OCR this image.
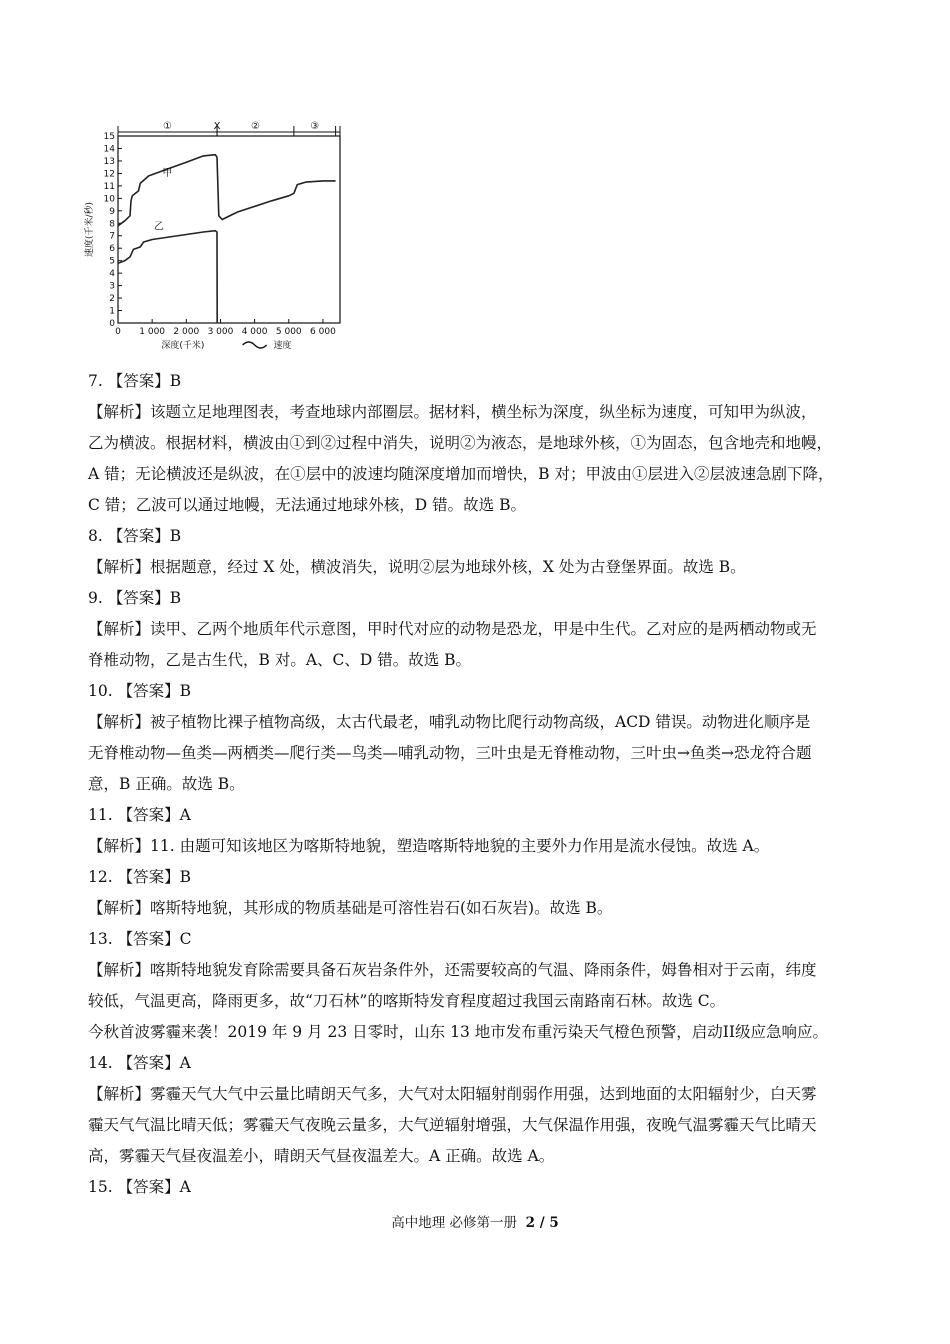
0
1
2
3
4
5
6
7
8
9
10
11
12
13
14
15
0 1 000 2 000 3 000 4 000 5 000 6 000
深度(千米)	速度
速度(千米/秒)
①	X	②	③
甲
乙
7. 【答案】B
【解析】该题立足地理图表，考查地球内部圈层。据材料，横坐标为深度，纵坐标为速度，可知甲为纵波，
乙为横波。根据材料，横波由①到②过程中消失，说明②为液态，是地球外核，①为固态，包含地壳和地幔，
A 错；无论横波还是纵波，在①层中的波速均随深度增加而增快，B 对；甲波由①层进入②层波速急剧下降，
C 错；乙波可以通过地幔，无法通过地球外核，D 错。故选 B。
8. 【答案】B
【解析】根据题意，经过 X 处，横波消失，说明②层为地球外核，X 处为古登堡界面。故选 B。
9. 【答案】B
【解析】读甲、乙两个地质年代示意图，甲时代对应的动物是恐龙，甲是中生代。乙对应的是两栖动物或无
脊椎动物，乙是古生代，B 对。A、C、D 错。故选 B。
10. 【答案】B
【解析】被子植物比裸子植物高级，太古代最老，哺乳动物比爬行动物高级，ACD 错误。动物进化顺序是
无脊椎动物—鱼类—两栖类—爬行类—鸟类—哺乳动物，三叶虫是无脊椎动物，三叶虫→鱼类→恐龙符合题
意，B 正确。故选 B。
11. 【答案】A
【解析】11. 由题可知该地区为喀斯特地貌，塑造喀斯特地貌的主要外力作用是流水侵蚀。故选 A。
12. 【答案】B
【解析】喀斯特地貌，其形成的物质基础是可溶性岩石(如石灰岩)。故选 B。
13. 【答案】C
【解析】喀斯特地貌发育除需要具备石灰岩条件外，还需要较高的气温、降雨条件，姆鲁相对于云南，纬度
较低，气温更高，降雨更多，故“刀石林”的喀斯特发育程度超过我国云南路南石林。故选 C。
今秋首波雾霾来袭！2019 年 9 月 23 日零时，山东 13 地市发布重污染天气橙色预警，启动II级应急响应。
14. 【答案】A
【解析】雾霾天气大气中云量比晴朗天气多，大气对太阳辐射削弱作用强，达到地面的太阳辐射少，白天雾
霾天气气温比晴天低；雾霾天气夜晚云量多，大气逆辐射增强，大气保温作用强，夜晚气温雾霾天气比晴天
高，雾霾天气昼夜温差小，晴朗天气昼夜温差大。A 正确。故选 A。
15. 【答案】A
高中地理 必修第一册 2 / 5
